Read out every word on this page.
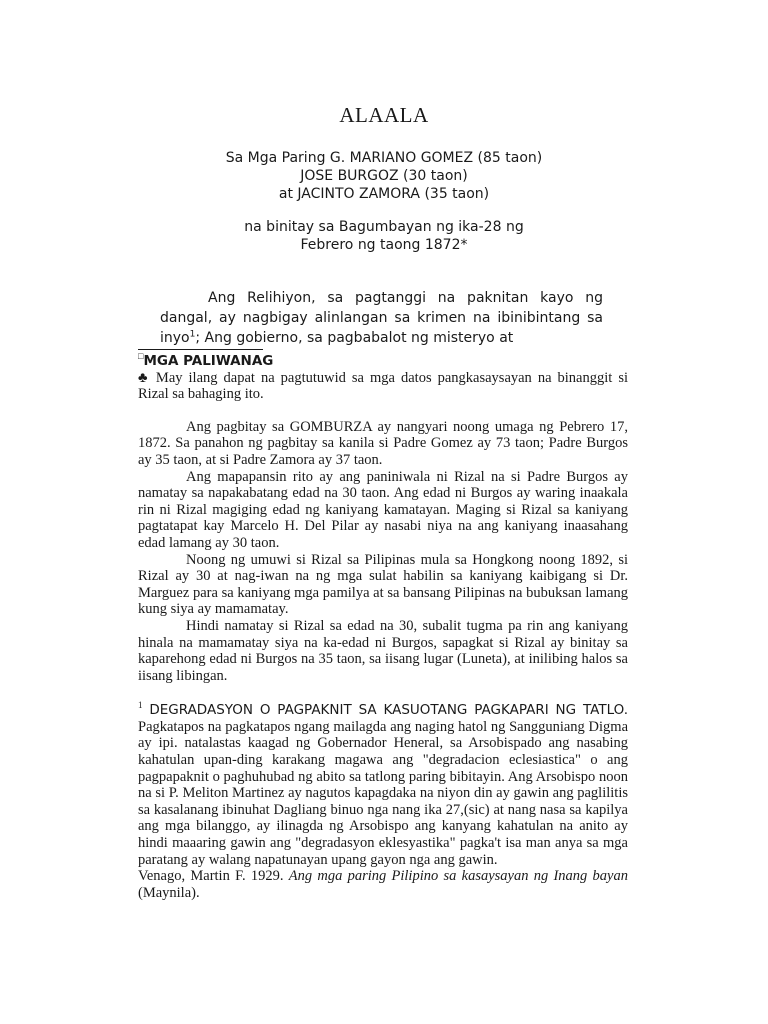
ALAALA
Sa Mga Paring G. MARIANO GOMEZ (85 taon)
JOSE BURGOZ (30 taon)
at JACINTO ZAMORA (35 taon)
na binitay sa Bagumbayan ng ika-28 ng
Febrero ng taong 1872*

Ang Relihiyon, sa pagtanggi na paknitan kayo ng dangal, ay nagbigay alinlangan sa krimen na ibinibintang sa inyo$^1$; Ang gobierno, sa pagbabalot ng misteryo at

□MGA PALIWANAG

♣ May ilang dapat na pagtutuwid sa mga datos pangkasaysayan na binanggit si Rizal sa bahaging ito.

Ang pagbitay sa GOMBURZA ay nangyari noong umaga ng Pebrero 17, 1872. Sa panahon ng pagbitay sa kanila si Padre Gomez ay 73 taon; Padre Burgos ay 35 taon, at si Padre Zamora ay 37 taon.

Ang mapapansin rito ay ang paniniwala ni Rizal na si Padre Burgos ay namatay sa napakabatang edad na 30 taon. Ang edad ni Burgos ay waring inaakala rin ni Rizal magiging edad ng kaniyang kamatayan. Maging si Rizal sa kaniyang pagtatapat kay Marcelo H. Del Pilar ay nasabi niya na ang kaniyang inaasahang edad lamang ay 30 taon.

Noong ng umuwi si Rizal sa Pilipinas mula sa Hongkong noong 1892, si Rizal ay 30 at nag-iwan na ng mga sulat habilin sa kaniyang kaibigang si Dr. Marguez para sa kaniyang mga pamilya at sa bansang Pilipinas na bubuksan lamang kung siya ay mamamatay.

Hindi namatay si Rizal sa edad na 30, subalit tugma pa rin ang kaniyang hinala na mamamatay siya na ka-edad ni Burgos, sapagkat si Rizal ay binitay sa kaparehong edad ni Burgos na 35 taon, sa iisang lugar (Luneta), at inilibing halos sa iisang libingan.

$^1$ DEGRADASYON O PAGPAKNIT SA KASUOTANG PAGKAPARI NG TATLO. Pagkatapos na pagkatapos ngang mailagda ang naging hatol ng Sangguniang Digma ay ipi. natalastas kaagad ng Gobernador Heneral, sa Arsobispado ang nasabing kahatulan upan-ding karakang magawa ang "degradacion eclesiastica" o ang pagpapaknit o paghuhubad ng abito sa tatlong paring bibitayin. Ang Arsobispo noon na si P. Meliton Martinez ay nagutos kapagdaka na niyon din ay gawin ang paglilitis sa kasalanang ibinuhat Dagliang binuo nga nang ika 27,(sic) at nang nasa sa kapilya ang mga bilanggo, ay ilinagda ng Arsobispo ang kanyang kahatulan na anito ay hindi maaaring gawin ang "degradasyon eklesyastika" pagka't isa man anya sa mga paratang ay walang napatunayan upang gayon nga ang gawin.

Venago, Martin F. 1929. Ang mga paring Pilipino sa kasaysayan ng Inang bayan (Maynila).
